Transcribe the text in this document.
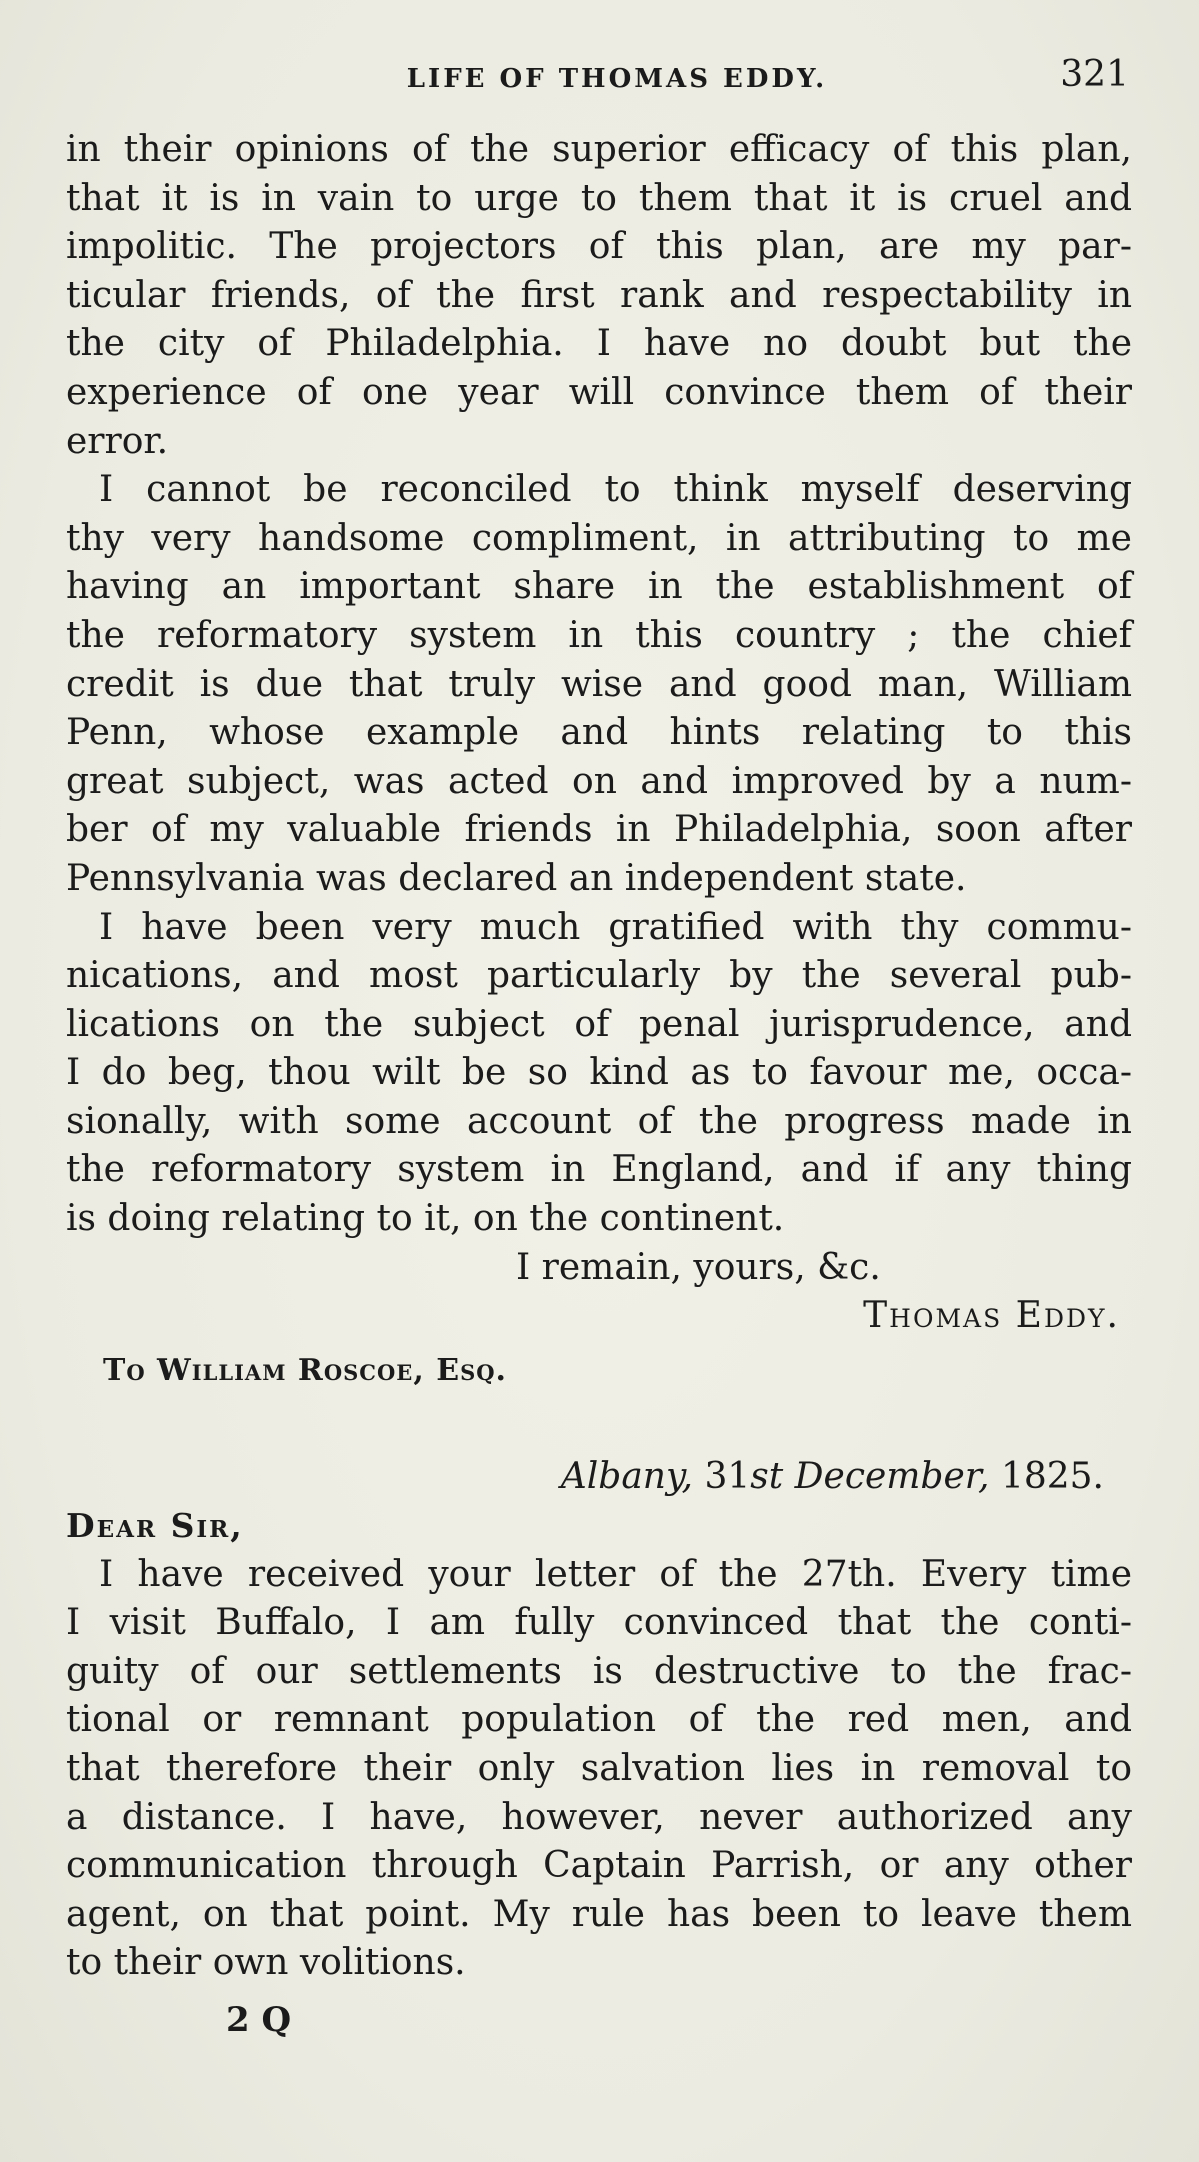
LIFE OF THOMAS EDDY.	321
in their opinions of the superior efficacy of this plan,
that it is in vain to urge to them that it is cruel and
impolitic. The projectors of this plan, are my par-
ticular friends, of the first rank and respectability in
the city of Philadelphia. I have no doubt but the
experience of one year will convince them of their
error.
I cannot be reconciled to think myself deserving
thy very handsome compliment, in attributing to me
having an important share in the establishment of
the reformatory system in this country ; the chief
credit is due that truly wise and good man, William
Penn, whose example and hints relating to this
great subject, was acted on and improved by a num-
ber of my valuable friends in Philadelphia, soon after
Pennsylvania was declared an independent state.
I have been very much gratified with thy commu-
nications, and most particularly by the several pub-
lications on the subject of penal jurisprudence, and
I do beg, thou wilt be so kind as to favour me, occa-
sionally, with some account of the progress made in
the reformatory system in England, and if any thing
is doing relating to it, on the continent.

I remain, yours, &c.

Thomas Eddy.

To William Roscoe, Esq.

Albany, 31st December, 1825.

Dear Sir,

I have received your letter of the 27th. Every time
I visit Buffalo, I am fully convinced that the conti-
guity of our settlements is destructive to the frac-
tional or remnant population of the red men, and
that therefore their only salvation lies in removal to
a distance. I have, however, never authorized any
communication through Captain Parrish, or any other
agent, on that point. My rule has been to leave them
to their own volitions.

2 Q
